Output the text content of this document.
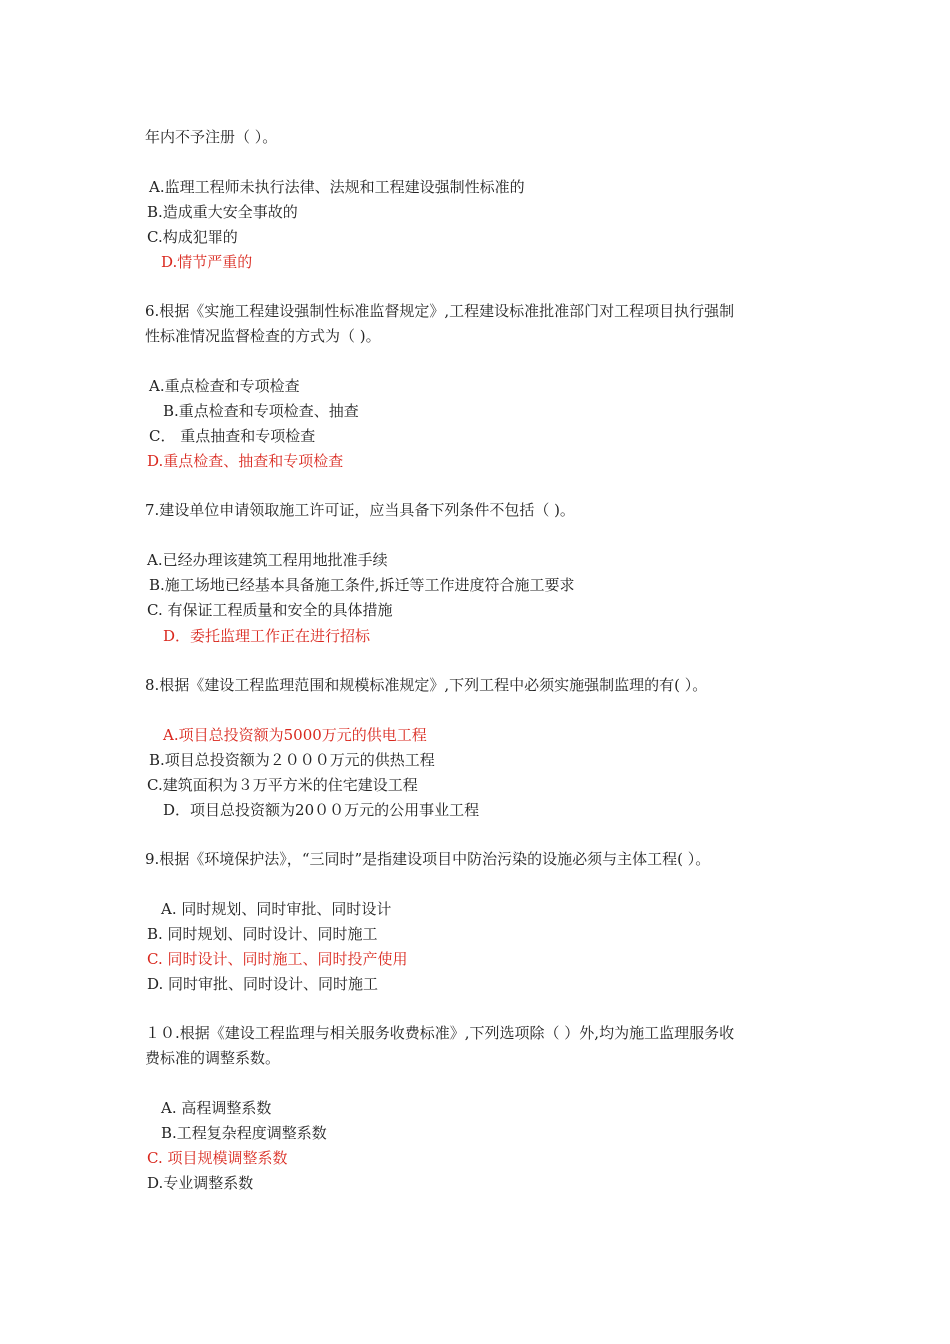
年内不予注册（ ）。
A.监理工程师未执行法律、法规和工程建设强制性标准的
B.造成重大安全事故的
C.构成犯罪的
D.情节严重的
6.根据《实施工程建设强制性标准监督规定》,工程建设标准批准部门对工程项目执行强制
性标准情况监督检查的方式为（ )。
A.重点检查和专项检查
B.重点检查和专项检查、抽查
C． 重点抽查和专项检查
D.重点检查、抽查和专项检查
7.建设单位申请领取施工许可证，应当具备下列条件不包括（ )。
A.已经办理该建筑工程用地批准手续
B.施工场地已经基本具备施工条件,拆迁等工作进度符合施工要求
C. 有保证工程质量和安全的具体措施
D．委托监理工作正在进行招标
8.根据《建设工程监理范围和规模标准规定》,下列工程中必须实施强制监理的有( ）。
A.项目总投资额为5000万元的供电工程
B.项目总投资额为２０００万元的供热工程
C.建筑面积为３万平方米的住宅建设工程
D．项目总投资额为20００万元的公用事业工程
9.根据《环境保护法》，“三同时”是指建设项目中防治污染的设施必须与主体工程( ）。
A. 同时规划、同时审批、同时设计
B. 同时规划、同时设计、同时施工
C. 同时设计、同时施工、同时投产使用
D. 同时审批、同时设计、同时施工
１０.根据《建设工程监理与相关服务收费标准》,下列选项除（ ）外,均为施工监理服务收
费标准的调整系数。
A. 高程调整系数
B.工程复杂程度调整系数
C. 项目规模调整系数
D.专业调整系数
